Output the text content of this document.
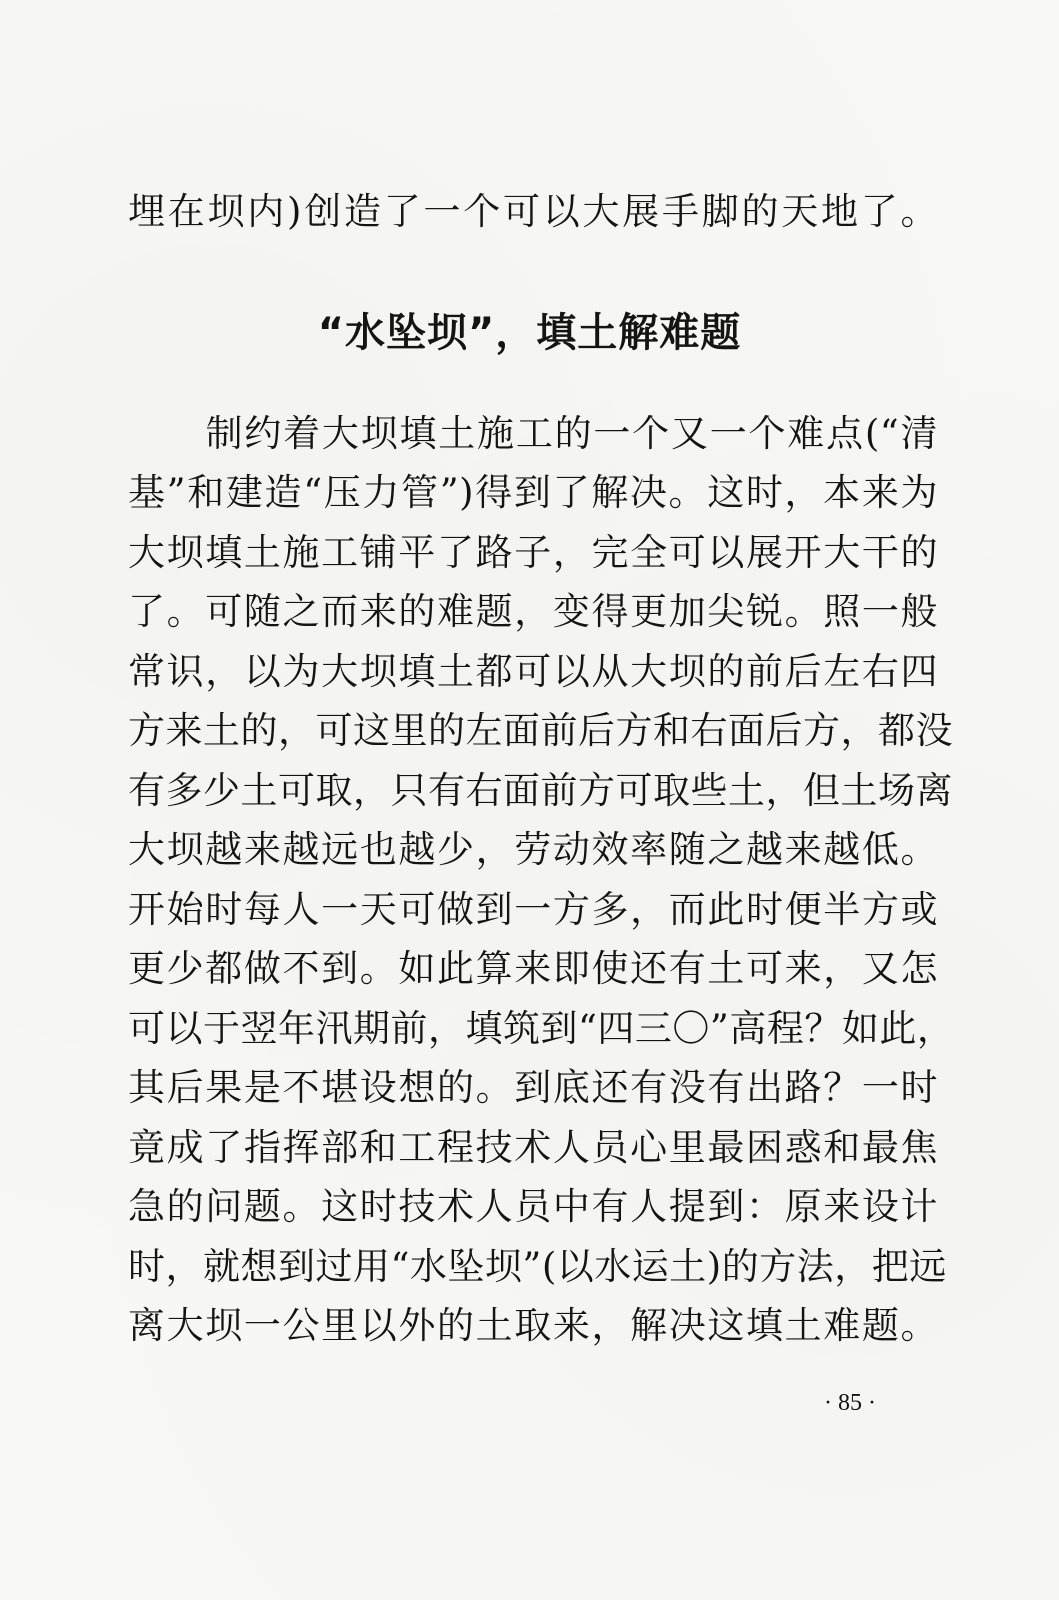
埋在坝内)创造了一个可以大展手脚的天地了。
“水坠坝”，填土解难题
　　制约着大坝填土施工的一个又一个难点(“清
基”和建造“压力管”)得到了解决。这时，本来为
大坝填土施工铺平了路子，完全可以展开大干的
了。可随之而来的难题，变得更加尖锐。照一般
常识，以为大坝填土都可以从大坝的前后左右四
方来土的，可这里的左面前后方和右面后方，都没
有多少土可取，只有右面前方可取些土，但土场离
大坝越来越远也越少，劳动效率随之越来越低。
开始时每人一天可做到一方多，而此时便半方或
更少都做不到。如此算来即使还有土可来，又怎
可以于翌年汛期前，填筑到“四三〇”高程？如此，
其后果是不堪设想的。到底还有没有出路？一时
竟成了指挥部和工程技术人员心里最困惑和最焦
急的问题。这时技术人员中有人提到：原来设计
时，就想到过用“水坠坝”(以水运土)的方法，把远
离大坝一公里以外的土取来，解决这填土难题。
· 85 ·
